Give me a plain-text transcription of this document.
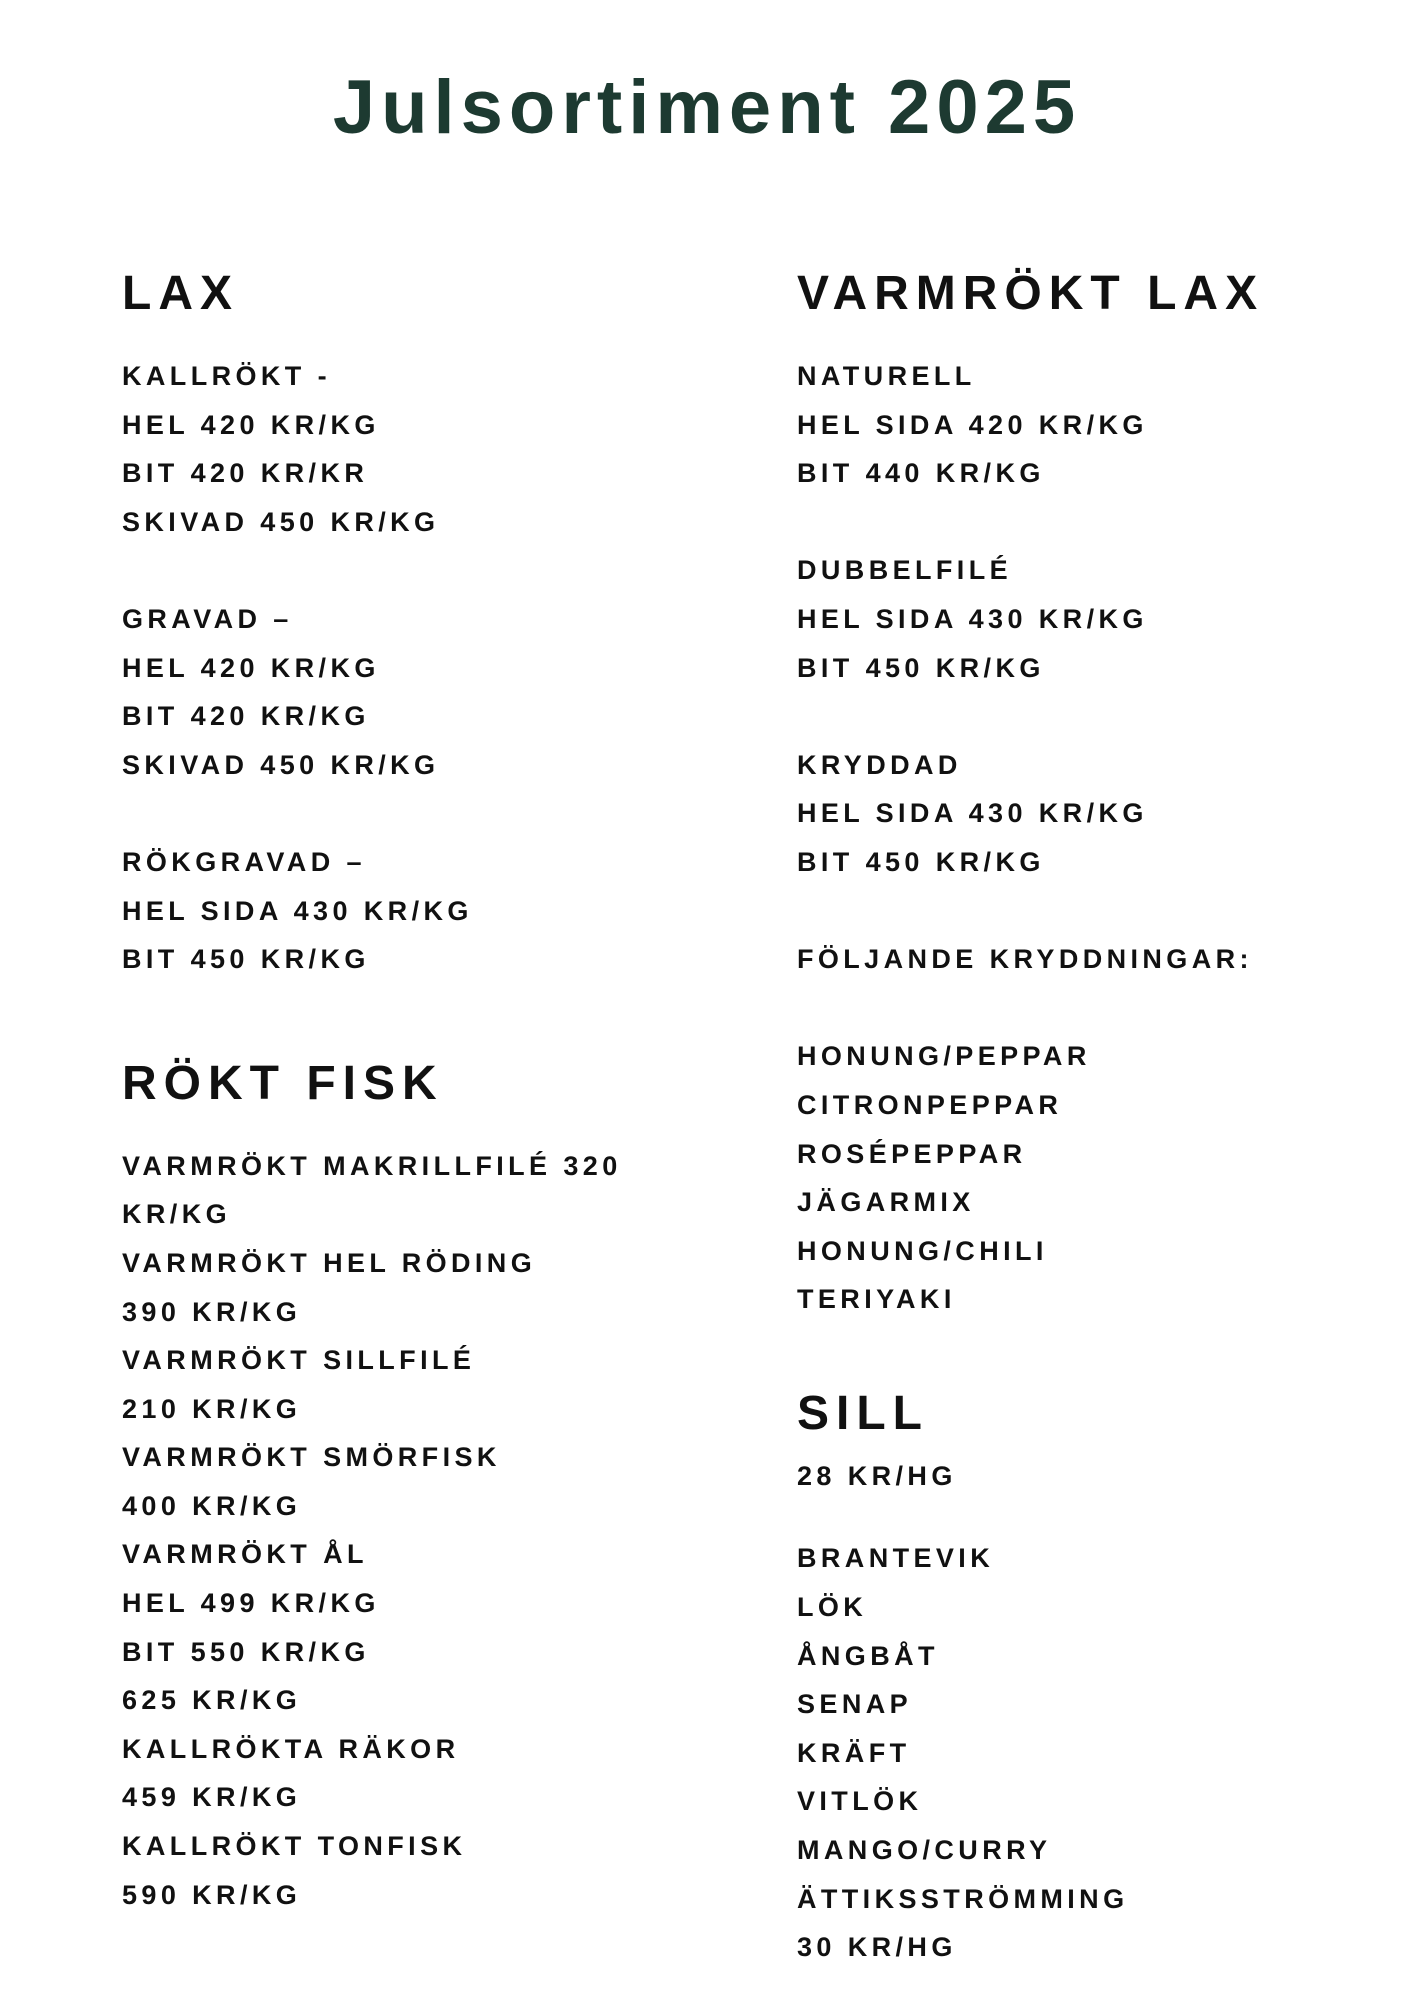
Julsortiment 2025
LAX

KALLRÖKT -

HEL 420 KR/KG

BIT 420 KR/KR

SKIVAD 450 KR/KG

GRAVAD –

HEL 420 KR/KG

BIT 420 KR/KG

SKIVAD 450 KR/KG

RÖKGRAVAD –

HEL SIDA 430 KR/KG

BIT 450 KR/KG

RÖKT FISK

VARMRÖKT MAKRILLFILÉ 320

KR/KG

VARMRÖKT HEL RÖDING

390 KR/KG

VARMRÖKT SILLFILÉ

210 KR/KG

VARMRÖKT SMÖRFISK

400 KR/KG

VARMRÖKT ÅL

HEL 499 KR/KG

BIT 550 KR/KG

625 KR/KG

KALLRÖKTA RÄKOR

459 KR/KG

KALLRÖKT TONFISK

590 KR/KG

VARMRÖKT LAX

NATURELL

HEL SIDA 420 KR/KG

BIT 440 KR/KG

DUBBELFILÉ

HEL SIDA 430 KR/KG

BIT 450 KR/KG

KRYDDAD

HEL SIDA 430 KR/KG

BIT 450 KR/KG

FÖLJANDE KRYDDNINGAR:

HONUNG/PEPPAR

CITRONPEPPAR

ROSÉPEPPAR

JÄGARMIX

HONUNG/CHILI

TERIYAKI

SILL

28 KR/HG

BRANTEVIK

LÖK

ÅNGBÅT

SENAP

KRÄFT

VITLÖK

MANGO/CURRY

ÄTTIKSSTRÖMMING

30 KR/HG
